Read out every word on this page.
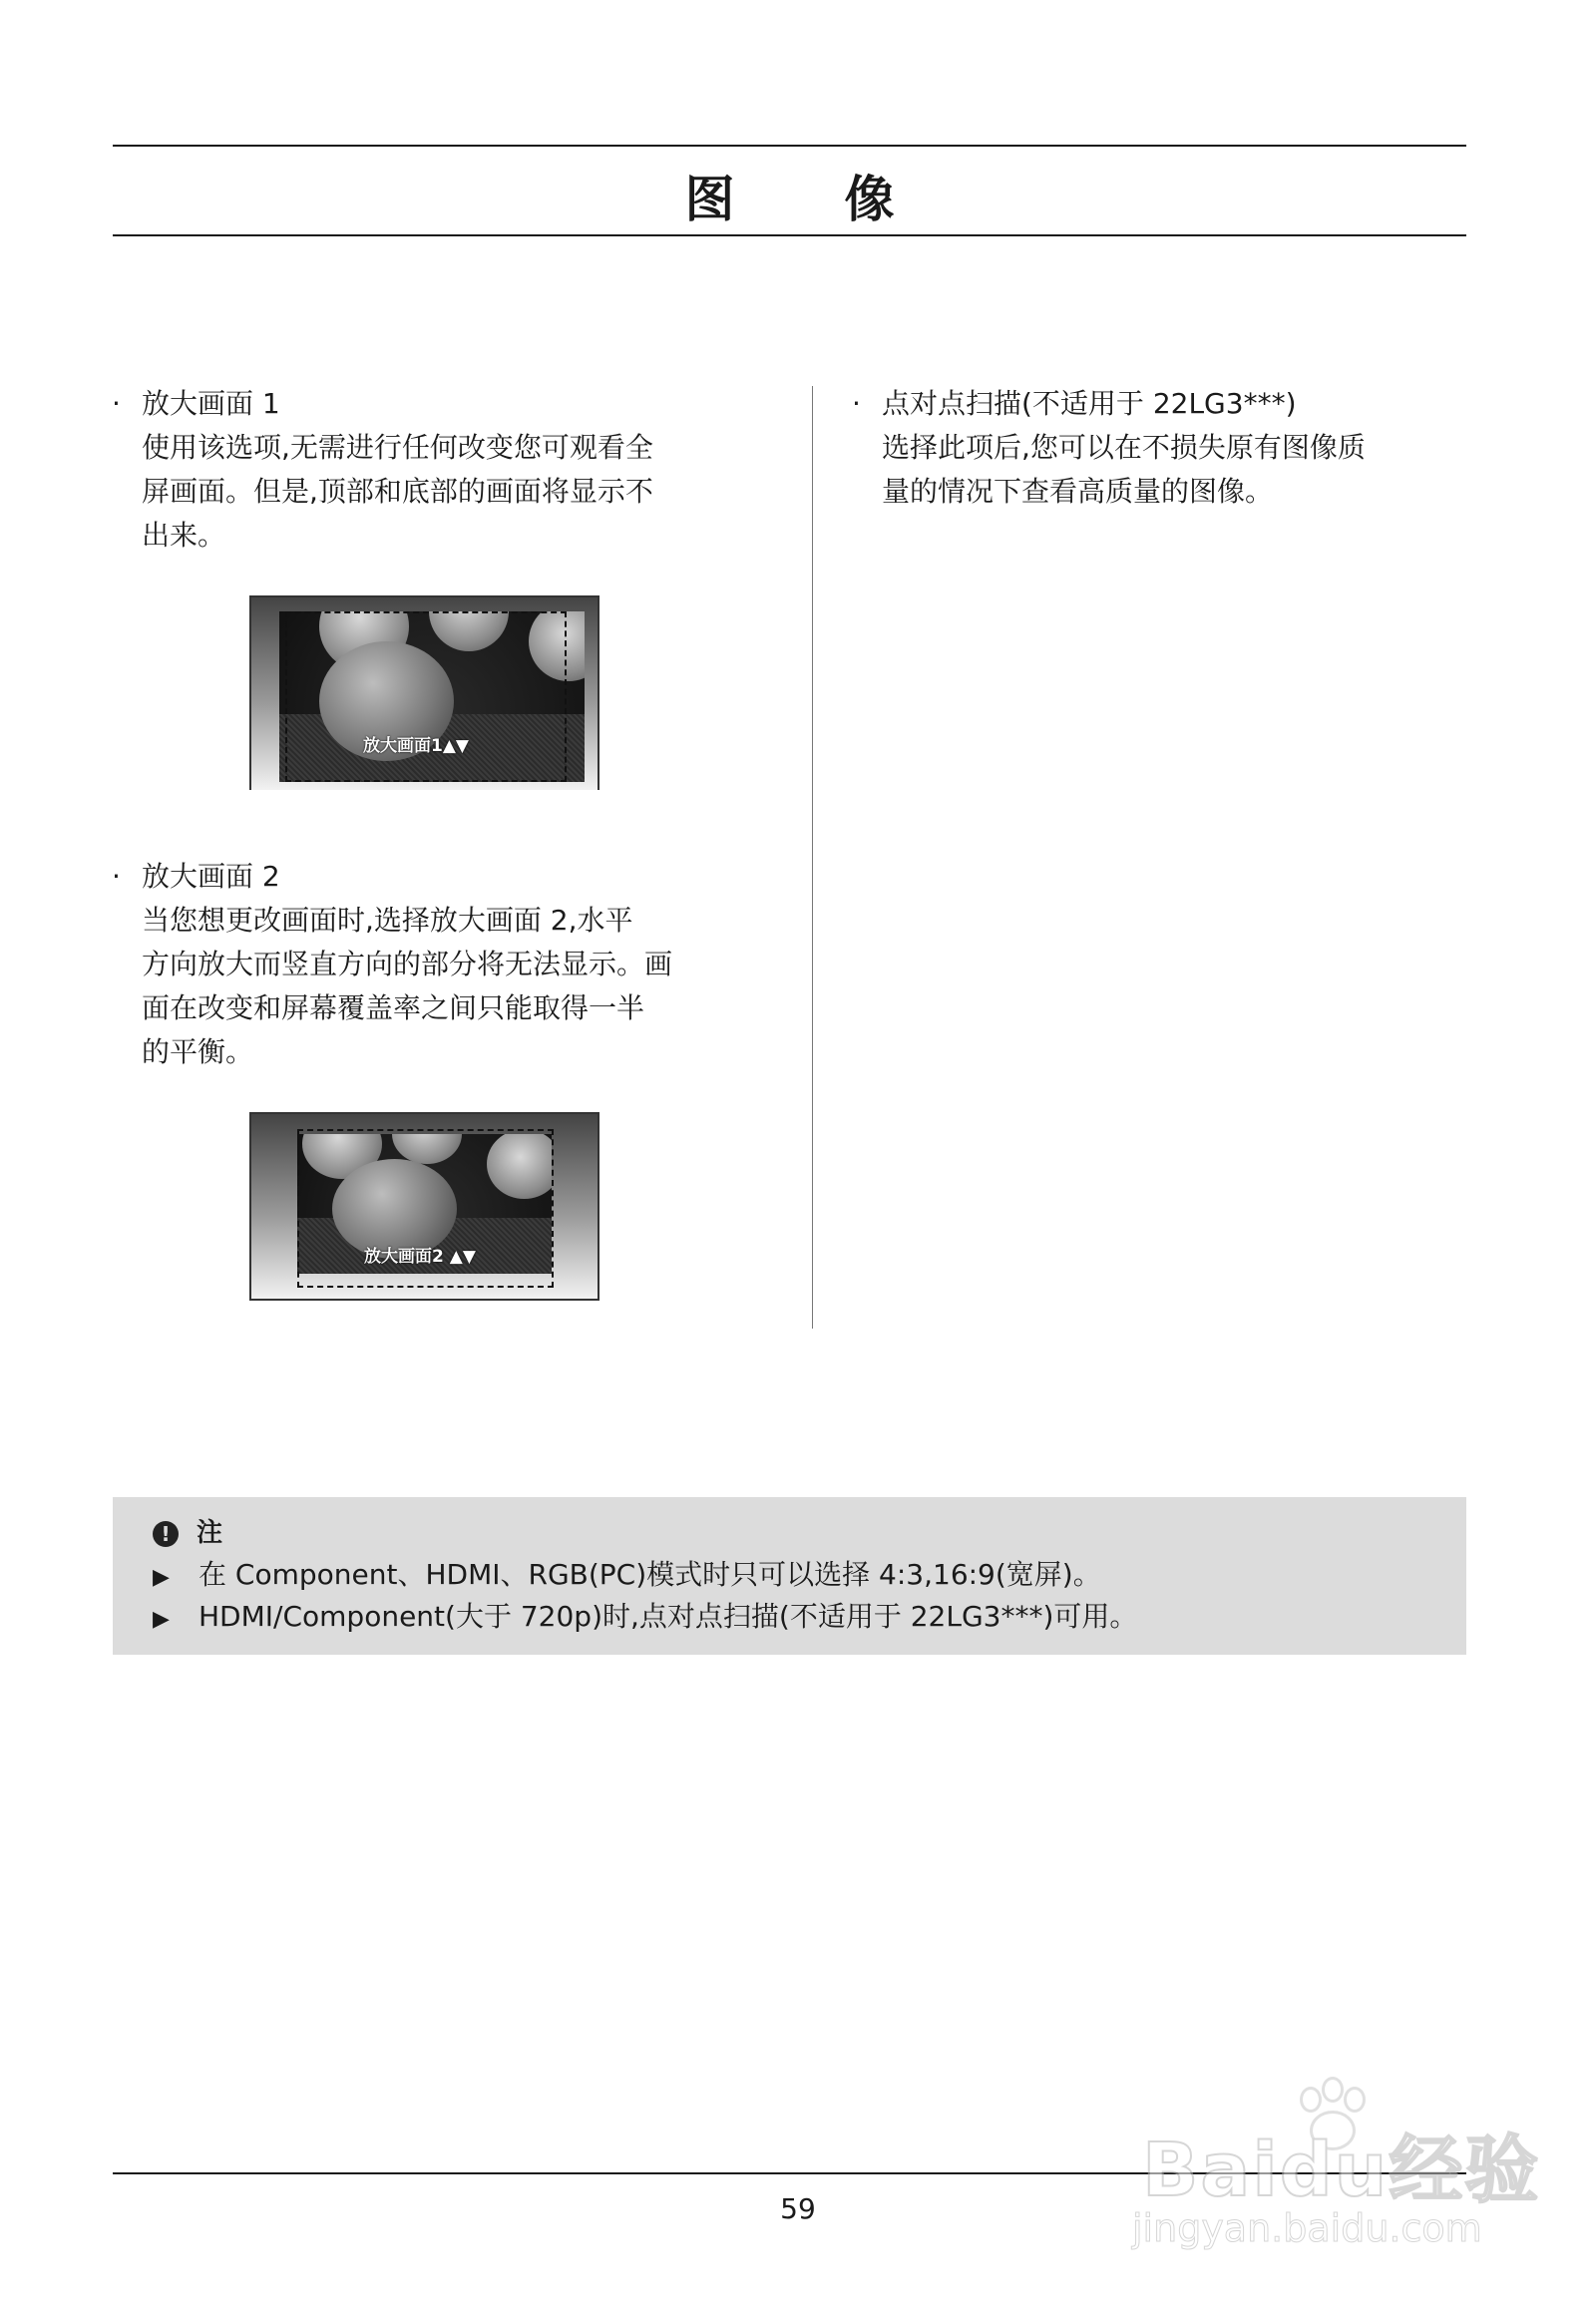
图 像
· 放大画面 1

使用该选项,无需进行任何改变您可观看全

屏画面。但是,顶部和底部的画面将显示不

出来。

放大画面1▲▼
· 放大画面 2

当您想更改画面时,选择放大画面 2,水平

方向放大而竖直方向的部分将无法显示。画

面在改变和屏幕覆盖率之间只能取得一半

的平衡。

放大画面2 ▲▼
· 点对点扫描(不适用于 22LG3***)

选择此项后,您可以在不损失原有图像质

量的情况下查看高质量的图像。

! 注
▶ 在 Component、HDMI、RGB(PC)模式时只可以选择 4:3,16:9(宽屏)。
▶ HDMI/Component(大于 720p)时,点对点扫描(不适用于 22LG3***)可用。
59	Baidu经验
jingyan.baidu.com
